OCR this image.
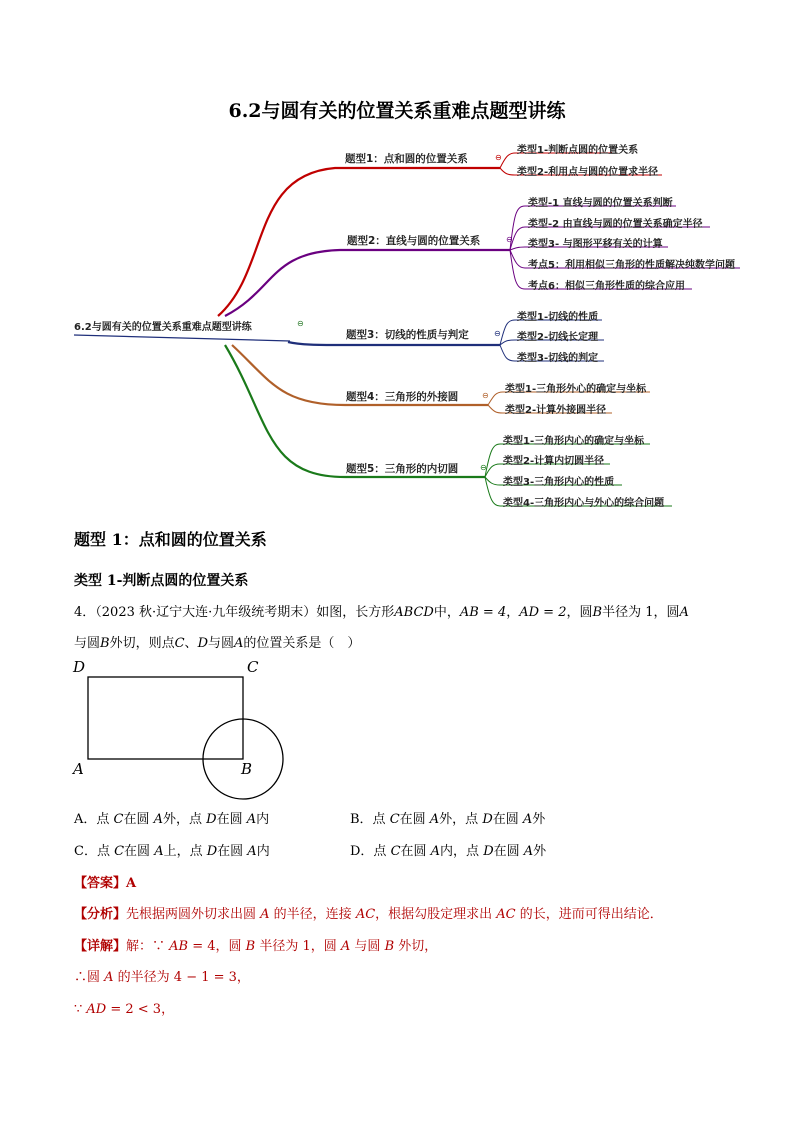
6.2与圆有关的位置关系重难点题型讲练
6.2与圆有关的位置关系重难点题型讲练	⊖
题型1：点和圆的位置关系	⊖
题型2：直线与圆的位置关系	⊖
题型3：切线的性质与判定	⊖
题型4：三角形的外接圆	⊖
题型5：三角形的内切圆	⊖
类型1-判断点圆的位置关系
类型2-利用点与圆的位置求半径
类型-1 直线与圆的位置关系判断
类型-2 由直线与圆的位置关系确定半径
类型3- 与图形平移有关的计算
考点5：利用相似三角形的性质解决纯数学问题
考点6：相似三角形性质的综合应用
类型1-切线的性质
类型2-切线长定理
类型3-切线的判定
类型1-三角形外心的确定与坐标
类型2-计算外接圆半径
类型1-三角形内心的确定与坐标
类型2-计算内切圆半径
类型3-三角形内心的性质
类型4-三角形内心与外心的综合问题
题型 1：点和圆的位置关系
类型 1-判断点圆的位置关系
4．（2023 秋·辽宁大连·九年级统考期末）如图，长方形ABCD中，AB = 4，AD = 2，圆B半径为 1，圆A
与圆B外切，则点C、D与圆A的位置关系是（　）
D	C
A	B
A．点 C在圆 A外，点 D在圆 A内	B．点 C在圆 A外，点 D在圆 A外
C．点 C在圆 A上，点 D在圆 A内	D．点 C在圆 A内，点 D在圆 A外
【答案】A
【分析】先根据两圆外切求出圆 A 的半径，连接 AC，根据勾股定理求出 AC 的长，进而可得出结论．
【详解】解：∵ AB = 4，圆 B 半径为 1，圆 A 与圆 B 外切，
∴圆 A 的半径为 4 − 1 = 3，
∵ AD = 2 < 3，
